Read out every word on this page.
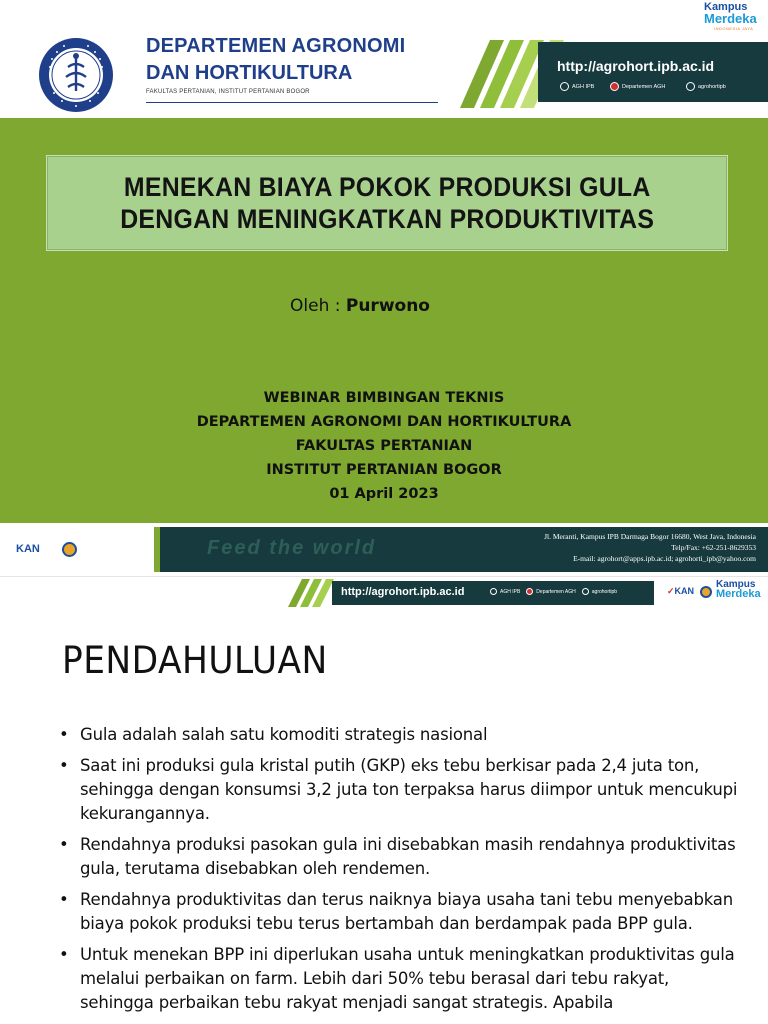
DEPARTEMEN AGRONOMI
DAN HORTIKULTURA
FAKULTAS PERTANIAN, INSTITUT PERTANIAN BOGOR
http://agrohort.ipb.ac.id
AGH IPB	Departemen AGH	agrohortipb
Kampus
Merdeka
INDONESIA JAYA
MENEKAN BIAYA POKOK PRODUKSI GULA
DENGAN MENINGKATKAN PRODUKTIVITAS
Oleh : Purwono
WEBINAR BIMBINGAN TEKNIS
DEPARTEMEN AGRONOMI DAN HORTIKULTURA
FAKULTAS PERTANIAN
INSTITUT PERTANIAN BOGOR
01 April 2023
KAN	Feed the world
Jl. Meranti, Kampus IPB Darmaga Bogor 16680, West Java, Indonesia
Telp/Fax: +62-251-8629353
E-mail: agrohort@apps.ipb.ac.id; agrohorti_ipb@yahoo.com
http://agrohort.ipb.ac.id	AGH IPB	Departemen AGH	agrohortipb	✓KAN
Kampus
Merdeka
PENDAHULUAN
• Gula adalah salah satu komoditi strategis nasional
• Saat ini produksi gula kristal putih (GKP) eks tebu berkisar pada 2,4 juta ton, sehingga dengan konsumsi 3,2 juta ton terpaksa harus diimpor untuk mencukupi kekurangannya.
• Rendahnya produksi pasokan gula ini disebabkan masih rendahnya produktivitas gula, terutama disebabkan oleh rendemen.
• Rendahnya produktivitas dan terus naiknya biaya usaha tani tebu menyebabkan biaya pokok produksi tebu terus bertambah dan berdampak pada BPP gula.
• Untuk menekan BPP ini diperlukan usaha untuk meningkatkan produktivitas gula melalui perbaikan on farm. Lebih dari 50% tebu berasal dari tebu rakyat, sehingga perbaikan tebu rakyat menjadi sangat strategis. Apabila
